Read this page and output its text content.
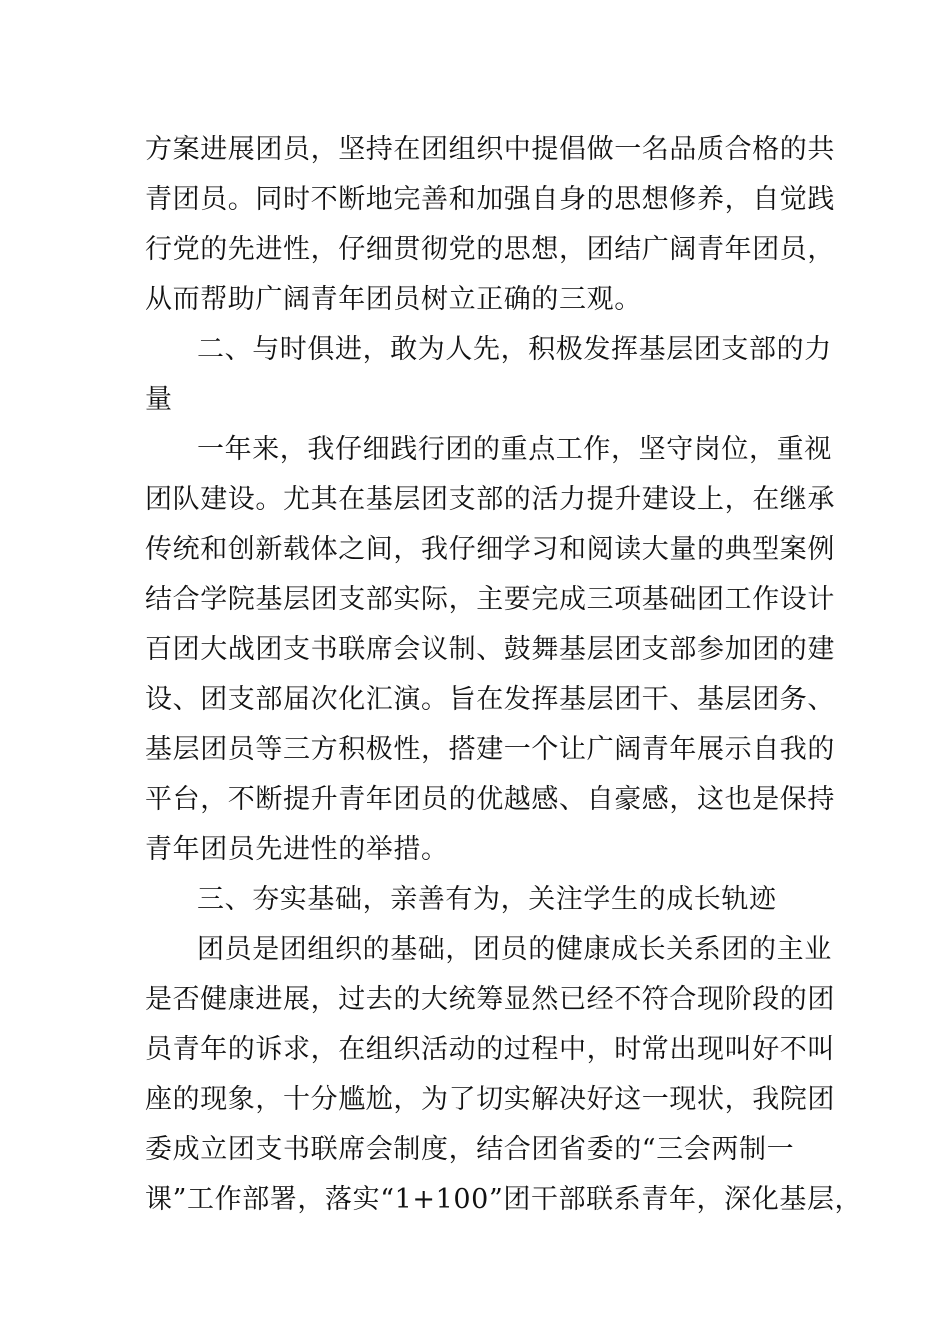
方案进展团员，坚持在团组织中提倡做一名品质合格的共
青团员。同时不断地完善和加强自身的思想修养，自觉践
行党的先进性，仔细贯彻党的思想，团结广阔青年团员，
从而帮助广阔青年团员树立正确的三观。
二、与时俱进，敢为人先，积极发挥基层团支部的力
量
一年来，我仔细践行团的重点工作，坚守岗位，重视
团队建设。尤其在基层团支部的活力提升建设上，在继承
传统和创新载体之间，我仔细学习和阅读大量的典型案例
结合学院基层团支部实际，主要完成三项基础团工作设计
百团大战团支书联席会议制、鼓舞基层团支部参加团的建
设、团支部届次化汇演。旨在发挥基层团干、基层团务、
基层团员等三方积极性，搭建一个让广阔青年展示自我的
平台，不断提升青年团员的优越感、自豪感，这也是保持
青年团员先进性的举措。
三、夯实基础，亲善有为，关注学生的成长轨迹
团员是团组织的基础，团员的健康成长关系团的主业
是否健康进展，过去的大统筹显然已经不符合现阶段的团
员青年的诉求，在组织活动的过程中，时常出现叫好不叫
座的现象，十分尴尬，为了切实解决好这一现状，我院团
委成立团支书联席会制度，结合团省委的“三会两制一
课”工作部署，落实“1+100”团干部联系青年，深化基层，
